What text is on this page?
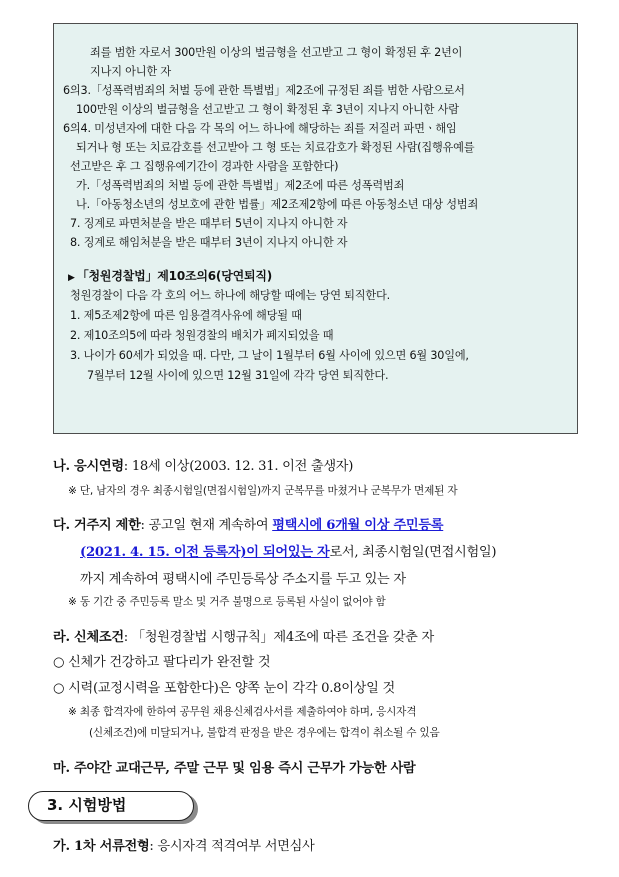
죄를 범한 자로서 300만원 이상의 벌금형을 선고받고 그 형이 확정된 후 2년이
지나지 아니한 자
6의3.「성폭력범죄의 처벌 등에 관한 특별법」제2조에 규정된 죄를 범한 사람으로서
100만원 이상의 벌금형을 선고받고 그 형이 확정된 후 3년이 지나지 아니한 사람
6의4. 미성년자에 대한 다음 각 목의 어느 하나에 해당하는 죄를 저질러 파면ㆍ해임
되거나 형 또는 치료감호를 선고받아 그 형 또는 치료감호가 확정된 사람(집행유예를
선고받은 후 그 집행유예기간이 경과한 사람을 포함한다)
가.「성폭력범죄의 처벌 등에 관한 특별법」제2조에 따른 성폭력범죄
나.「아동청소년의 성보호에 관한 법률」제2조제2항에 따른 아동청소년 대상 성범죄
7. 징계로 파면처분을 받은 때부터 5년이 지나지 아니한 자
8. 징계로 해임처분을 받은 때부터 3년이 지나지 아니한 자
▶ 「청원경찰법」제10조의6(당연퇴직)
청원경찰이 다음 각 호의 어느 하나에 해당할 때에는 당연 퇴직한다.
1. 제5조제2항에 따른 임용결격사유에 해당될 때
2. 제10조의5에 따라 청원경찰의 배치가 폐지되었을 때
3. 나이가 60세가 되었을 때. 다만, 그 날이 1월부터 6월 사이에 있으면 6월 30일에,
7월부터 12월 사이에 있으면 12월 31일에 각각 당연 퇴직한다.
나. 응시연령: 18세 이상(2003. 12. 31. 이전 출생자)
※ 단, 남자의 경우 최종시험일(면접시험일)까지 군복무를 마쳤거나 군복무가 면제된 자
다. 거주지 제한: 공고일 현재 계속하여 평택시에 6개월 이상 주민등록
(2021. 4. 15. 이전 등록자)이 되어있는 자로서, 최종시험일(면접시험일)
까지 계속하여 평택시에 주민등록상 주소지를 두고 있는 자
※ 동 기간 중 주민등록 말소 및 거주 불명으로 등록된 사실이 없어야 함
라. 신체조건: 「청원경찰법 시행규칙」제4조에 따른 조건을 갖춘 자
○ 신체가 건강하고 팔다리가 완전할 것
○ 시력(교정시력을 포함한다)은 양쪽 눈이 각각 0.8이상일 것
※ 최종 합격자에 한하여 공무원 채용신체검사서를 제출하여야 하며, 응시자격
(신체조건)에 미달되거나, 불합격 판정을 받은 경우에는 합격이 취소될 수 있음
마. 주야간 교대근무, 주말 근무 및 임용 즉시 근무가 가능한 사람
3. 시험방법
가. 1차 서류전형: 응시자격 적격여부 서면심사
